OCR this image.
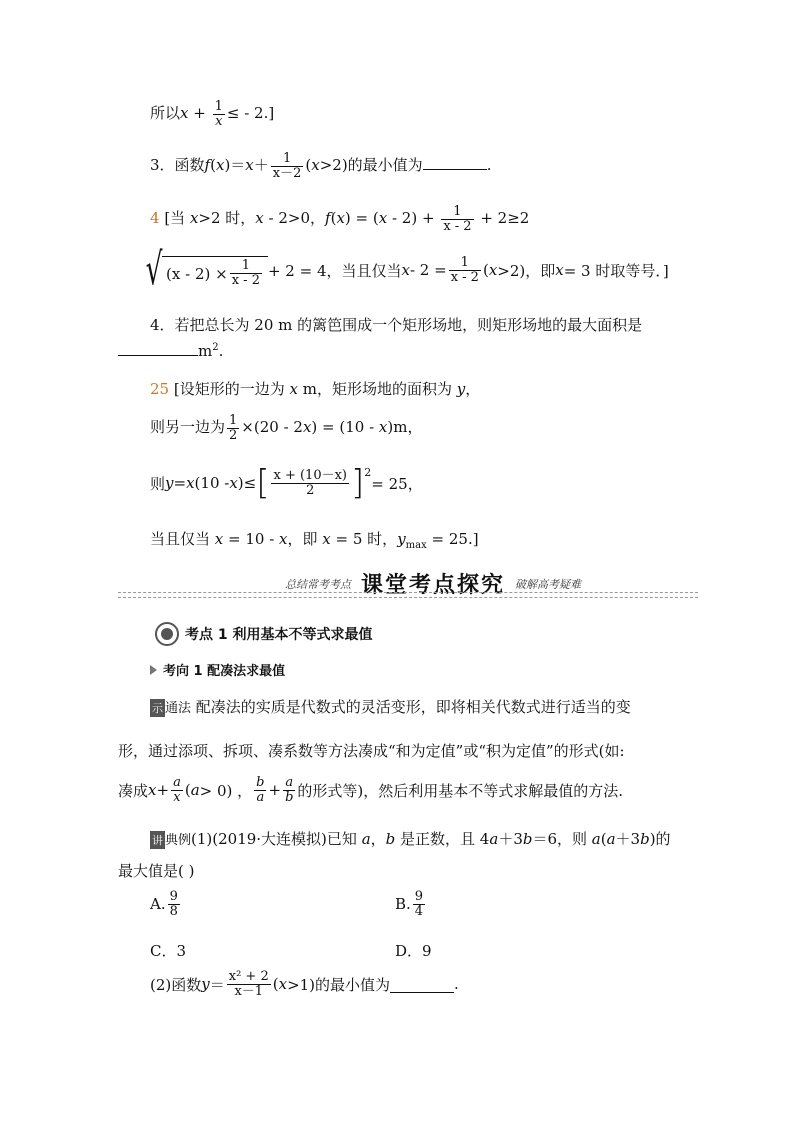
所以$x + \frac{1}{x}$ ≤ - 2.]
3．函数$f(x)=x+ \frac{1}{x-2} (x>2)$的最小值为	.
4 [当 x>2 时，x - 2>0，$f(x) = (x - 2) + \frac{1}{x - 2} + 2\ge 2$
√ $(x - 2) \times \frac{1}{x - 2} + 2 = 4$，当且仅当 $x - 2 = \frac{1}{x - 2}$ ( x >2)，即 x = 3 时取等号．]
4．若把总长为 20 m 的篱笆围成一个矩形场地，则矩形场地的最大面积是
$m^2$.
25 [设矩形的一边为 x m，矩形场地的面积为 y，
则另一边为 $\frac{1}{2} \times(20 - 2x) = (10 - x)m$，
则 y = x (10 - x )≤ [ $\frac{x + (10-x)}{2} ]^2$
= 25，
当且仅当 x = 10 - x，即 x = 5 时，$y_{max} = 25$.]
总结常考考点 课堂考点探究 破解高考疑难
考点 1 利用基本不等式求最值
考向 1 配凑法求最值
示 通法 配凑法的实质是代数式的灵活变形，即将相关代数式进行适当的变
形，通过添项、拆项、凑系数等方法凑成“和为定值”或“积为定值”的形式(如:
凑成 $x + \frac{a}{x}$ ( a > 0) ， $\frac{b}{a} + \frac{a}{b}$ 的形式等)，然后利用基本不等式求解最值的方法.
讲 典例(1)(2019·大连模拟)已知 a，b 是正数，且 4a＋3b＝6，则 a(a＋3b)的
最大值是( )
A. $\frac{9}{8}$	B. $\frac{9}{4}$
C．3	D．9
(2)函数 $y = \frac{\text{x² + 2}}{x-1}$ ( x >1)的最小值为	.
